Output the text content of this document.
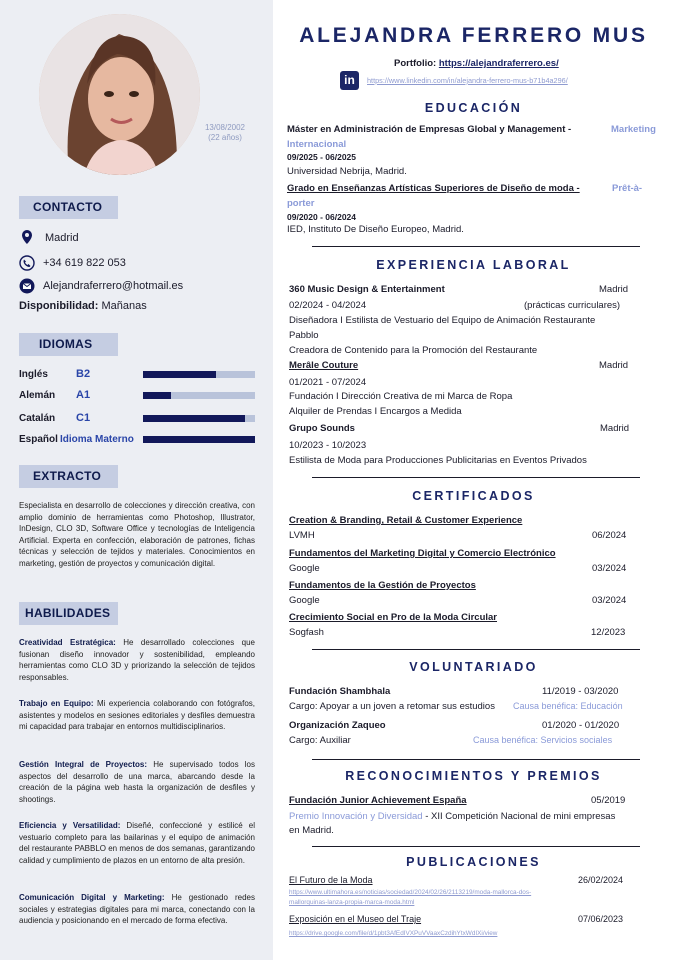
13/08/2002
(22 años)
CONTACTO
Madrid
+34 619 822 053
Alejandraferrero@hotmail.es
Disponibilidad: Mañanas
IDIOMAS
Inglés	B2
Alemán A1
Catalán C1
Español Idioma Materno
EXTRACTO
Especialista en desarrollo de colecciones y dirección creativa, con amplio dominio de herramientas como Photoshop, Illustrator, InDesign, CLO 3D, Software Office y tecnologías de Inteligencia Artificial. Experta en confección, elaboración de patrones, fichas técnicas y selección de tejidos y materiales. Conocimientos en marketing, gestión de proyectos y comunicación digital.
HABILIDADES
Creatividad Estratégica: He desarrollado colecciones que fusionan diseño innovador y sostenibilidad, empleando herramientas como CLO 3D y priorizando la selección de tejidos responsables.
Trabajo en Equipo: Mi experiencia colaborando con fotógrafos, asistentes y modelos en sesiones editoriales y desfiles demuestra mi capacidad para trabajar en entornos multidisciplinarios.
Gestión Integral de Proyectos: He supervisado todos los aspectos del desarrollo de una marca, abarcando desde la creación de la página web hasta la organización de desfiles y shootings.
Eficiencia y Versatilidad: Diseñé, confeccioné y estilicé el vestuario completo para las bailarinas y el equipo de animación del restaurante PABBLO en menos de dos semanas, garantizando calidad y cumplimiento de plazos en un entorno de alta presión.
Comunicación Digital y Marketing: He gestionado redes sociales y estrategias digitales para mi marca, conectando con la audiencia y posicionando en el mercado de forma efectiva.
ALEJANDRA FERRERO MUS
Portfolio: https://alejandraferrero.es/
in	https://www.linkedin.com/in/alejandra-ferrero-mus-b71b4a296/
EDUCACIÓN
Máster en Administración de Empresas Global y Management -	Marketing
Internacional
09/2025 - 06/2025
Universidad Nebrija, Madrid.
Grado en Enseñanzas Artísticas Superiores de Diseño de moda -	Prêt-à-
porter
09/2020 - 06/2024
IED, Instituto De Diseño Europeo, Madrid.
EXPERIENCIA LABORAL
360 Music Design & Entertainment	Madrid
02/2024 - 04/2024	(prácticas curriculares)
Diseñadora I Estilista de Vestuario del Equipo de Animación Restaurante
Pabblo
Creadora de Contenido para la Promoción del Restaurante
Merâle Couture	Madrid
01/2021 - 07/2024
Fundación I Dirección Creativa de mi Marca de Ropa
Alquiler de Prendas I Encargos a Medida
Grupo Sounds	Madrid
10/2023 - 10/2023
Estilista de Moda para Producciones Publicitarias en Eventos Privados
CERTIFICADOS
Creation & Branding, Retail & Customer Experience
LVMH	06/2024
Fundamentos del Marketing Digital y Comercio Electrónico
Google	03/2024
Fundamentos de la Gestión de Proyectos
Google	03/2024
Crecimiento Social en Pro de la Moda Circular
Sogfash	12/2023
VOLUNTARIADO
Fundación Shambhala	11/2019 - 03/2020
Cargo: Apoyar a un joven a retomar sus estudios Causa benéfica: Educación
Organización Zaqueo	01/2020 - 01/2020
Cargo: Auxiliar	Causa benéfica: Servicios sociales
RECONOCIMIENTOS Y PREMIOS
Fundación Junior Achievement España	05/2019
Premio Innovación y Diversidad - XII Competición Nacional de mini empresas
en Madrid.
PUBLICACIONES
El Futuro de la Moda	26/02/2024
https://www.ultimahora.es/noticias/sociedad/2024/02/26/2113219/moda-mallorca-dos-
mallorquinas-lanza-propia-marca-moda.html
Exposición en el Museo del Traje	07/06/2023
https://drive.google.com/file/d/1pbt3AfEdIVXPuVVaaxCzdihYtxWdIXi/view
